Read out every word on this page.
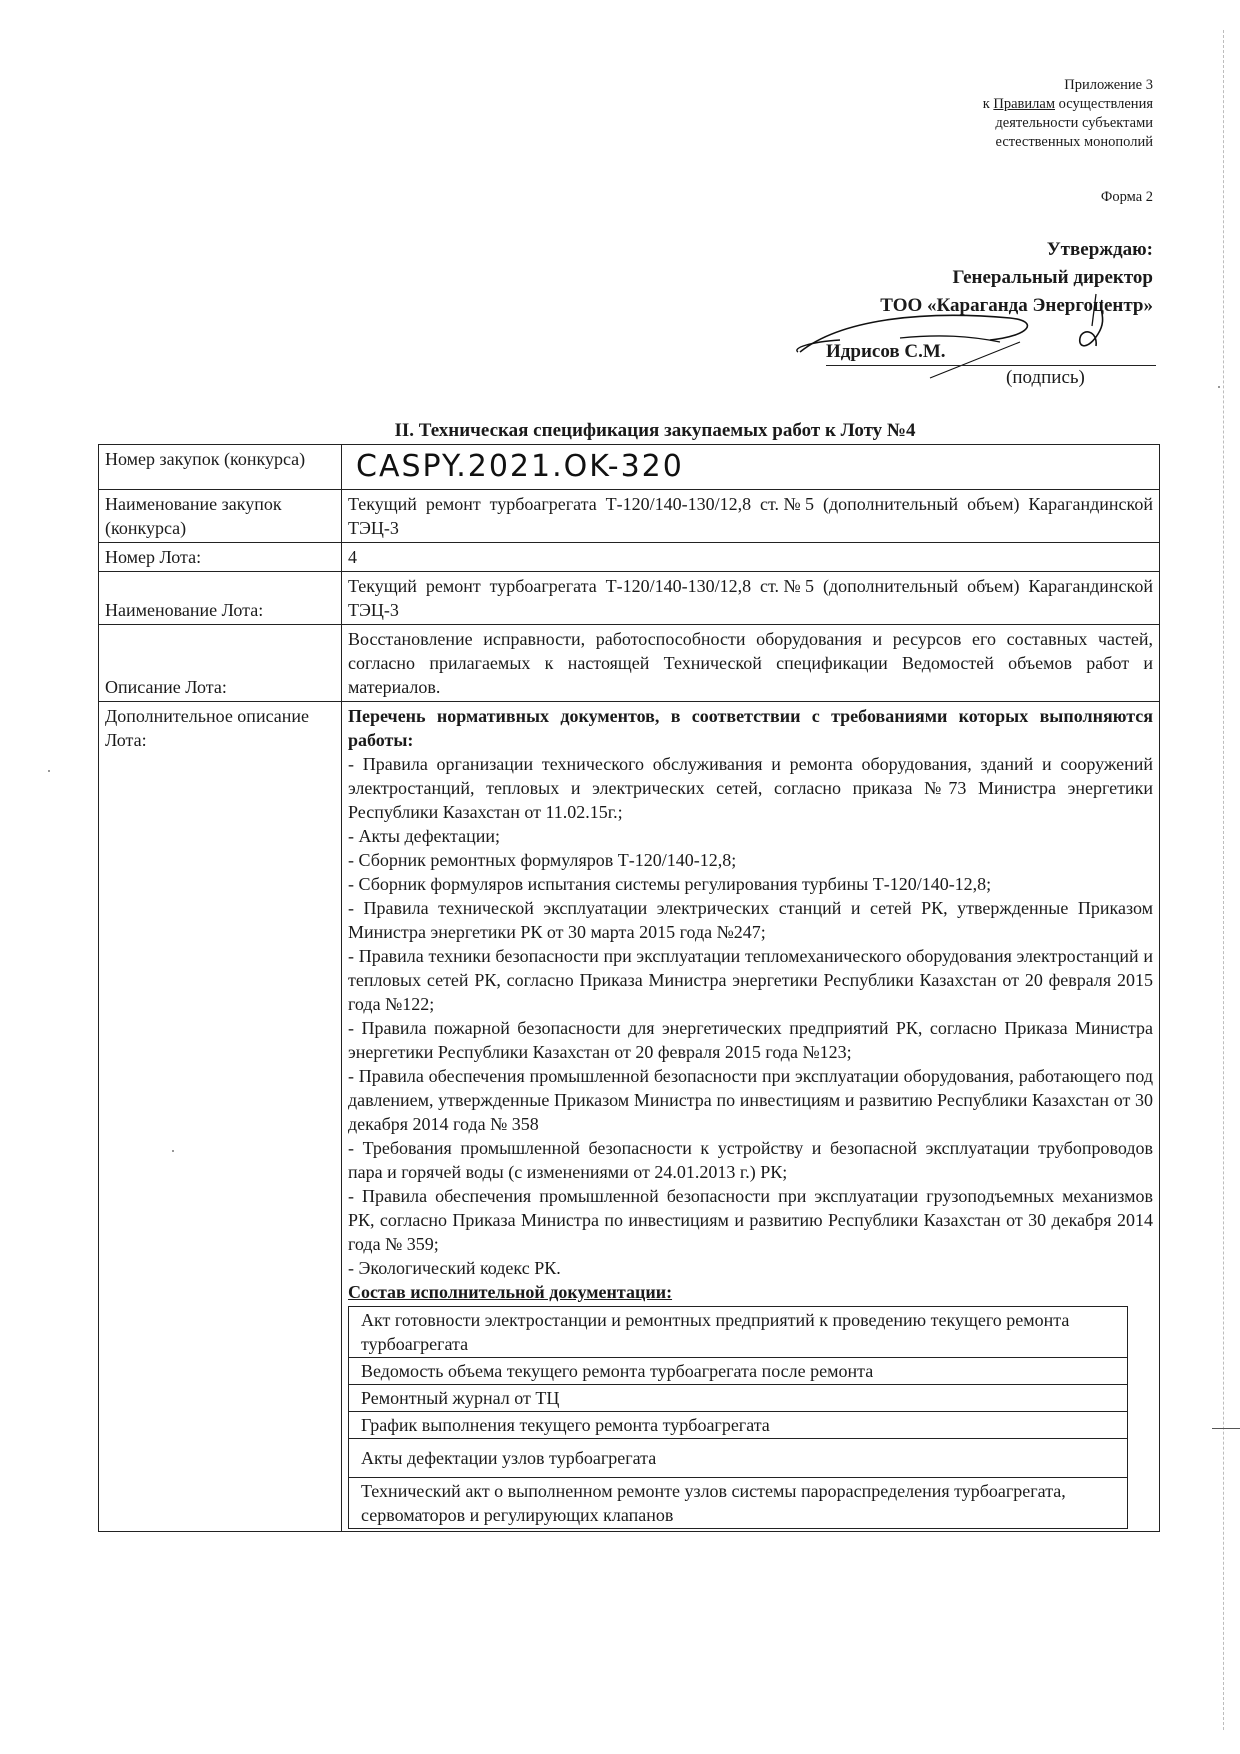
Приложение 3
к Правилам осуществления
деятельности субъектами
естественных монополий
Форма 2
Утверждаю:
Генеральный директор
ТОО «Караганда Энергоцентр»
Идрисов С.М.
(подпись)
II. Техническая спецификация закупаемых работ к Лоту №4
Номер закупок (конкурса)	CASPY.2021.OK-320
Наименование закупок (конкурса)	Текущий ремонт турбоагрегата Т-120/140-130/12,8 ст.№5 (дополнительный объем) Карагандинской ТЭЦ-3
Номер Лота:	4
Наименование Лота:	Текущий ремонт турбоагрегата Т-120/140-130/12,8 ст.№5 (дополнительный объем) Карагандинской ТЭЦ-3
Описание Лота:	Восстановление исправности, работоспособности оборудования и ресурсов его составных частей, согласно прилагаемых к настоящей Технической спецификации Ведомостей объемов работ и материалов.
Дополнительное описание Лота:	
Перечень нормативных документов, в соответствии с требованиями которых выполняются работы:
- Правила организации технического обслуживания и ремонта оборудования, зданий и сооружений электростанций, тепловых и электрических сетей, согласно приказа №73 Министра энергетики Республики Казахстан от 11.02.15г.;
- Акты дефектации;
- Сборник ремонтных формуляров Т-120/140-12,8;
- Сборник формуляров испытания системы регулирования турбины Т-120/140-12,8;
- Правила технической эксплуатации электрических станций и сетей РК, утвержденные Приказом Министра энергетики РК от 30 марта 2015 года №247;
- Правила техники безопасности при эксплуатации тепломеханического оборудования электростанций и тепловых сетей РК, согласно Приказа Министра энергетики Республики Казахстан от 20 февраля 2015 года №122;
- Правила пожарной безопасности для энергетических предприятий РК, согласно Приказа Министра энергетики Республики Казахстан от 20 февраля 2015 года №123;
- Правила обеспечения промышленной безопасности при эксплуатации оборудования, работающего под давлением, утвержденные Приказом Министра по инвестициям и развитию Республики Казахстан от 30 декабря 2014 года № 358
- Требования промышленной безопасности к устройству и безопасной эксплуатации трубопроводов пара и горячей воды (с изменениями от 24.01.2013 г.) РК;
- Правила обеспечения промышленной безопасности при эксплуатации грузоподъемных механизмов РК, согласно Приказа Министра по инвестициям и развитию Республики Казахстан от 30 декабря 2014 года № 359;
- Экологический кодекс РК.
Состав исполнительной документации:
Акт готовности электростанции и ремонтных предприятий к проведению текущего ремонта турбоагрегата
Ведомость объема текущего ремонта турбоагрегата после ремонта
Ремонтный журнал от ТЦ
График выполнения текущего ремонта турбоагрегата
Акты дефектации узлов турбоагрегата
Технический акт о выполненном ремонте узлов системы парораспределения турбоагрегата, сервоматоров и регулирующих клапанов
